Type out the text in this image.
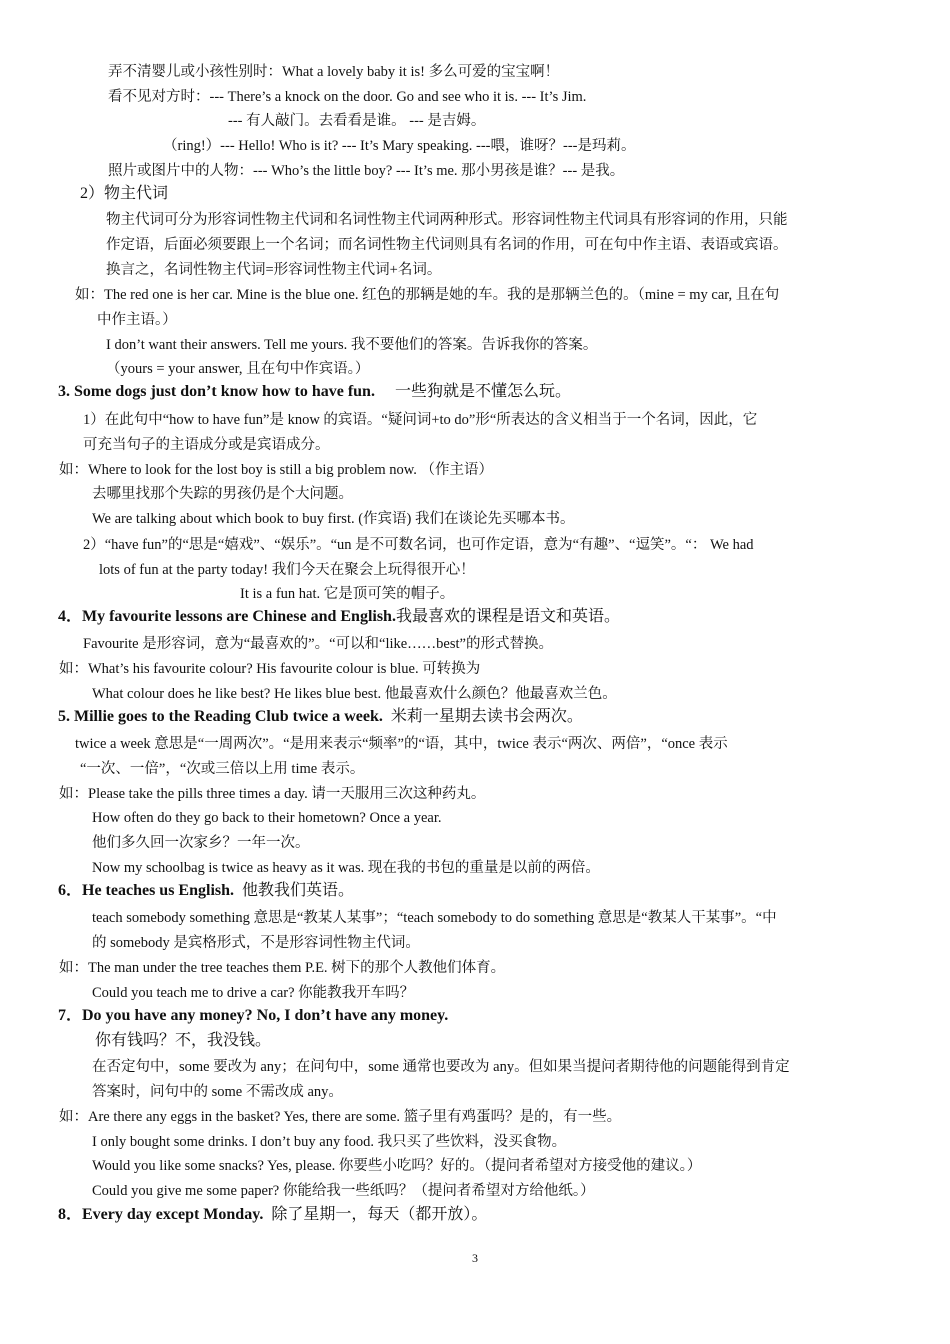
弄不清婴儿或小孩性别时：What a lovely baby it is! 多么可爱的宝宝啊！
看不见对方时：--- There’s a knock on the door. Go and see who it is. --- It’s Jim.
--- 有人敲门。去看看是谁。 --- 是吉姆。
（ring!）--- Hello! Who is it? --- It’s Mary speaking. ---喂，谁呀？---是玛莉。
照片或图片中的人物：--- Who’s the little boy? --- It’s me. 那小男孩是谁？--- 是我。
2）物主代词
物主代词可分为形容词性物主代词和名词性物主代词两种形式。形容词性物主代词具有形容词的作用，只能
作定语，后面必须要跟上一个名词；而名词性物主代词则具有名词的作用，可在句中作主语、表语或宾语。
换言之，名词性物主代词=形容词性物主代词+名词。
如：The red one is her car. Mine is the blue one. 红色的那辆是她的车。我的是那辆兰色的。（mine = my car, 且在句
中作主语。）
I don’t want their answers. Tell me yours. 我不要他们的答案。告诉我你的答案。
（yours = your answer, 且在句中作宾语。）
3. Some dogs just don’t know how to have fun. 一些狗就是不懂怎么玩。
1）在此句中“how to have fun”是 know 的宾语。“疑问词+to do”形“所表达的含义相当于一个名词，因此，它
可充当句子的主语成分或是宾语成分。
如：Where to look for the lost boy is still a big problem now. （作主语）
去哪里找那个失踪的男孩仍是个大问题。
We are talking about which book to buy first. (作宾语) 我们在谈论先买哪本书。
2）“have fun”的“思是“嬉戏”、“娱乐”。“un 是不可数名词，也可作定语，意为“有趣”、“逗笑”。“： We had
lots of fun at the party today! 我们今天在聚会上玩得很开心！
It is a fun hat. 它是顶可笑的帽子。
4．My favourite lessons are Chinese and English.我最喜欢的课程是语文和英语。
Favourite 是形容词，意为“最喜欢的”。“可以和“like……best”的形式替换。
如：What’s his favourite colour? His favourite colour is blue. 可转换为
What colour does he like best? He likes blue best. 他最喜欢什么颜色？他最喜欢兰色。
5. Millie goes to the Reading Club twice a week. 米莉一星期去读书会两次。
twice a week 意思是“一周两次”。“是用来表示“频率”的“语，其中，twice 表示“两次、两倍”，“once 表示
“一次、一倍”，“次或三倍以上用 time 表示。
如：Please take the pills three times a day. 请一天服用三次这种药丸。
How often do they go back to their hometown? Once a year.
他们多久回一次家乡？一年一次。
Now my schoolbag is twice as heavy as it was. 现在我的书包的重量是以前的两倍。
6．He teaches us English. 他教我们英语。
teach somebody something 意思是“教某人某事”；“teach somebody to do something 意思是“教某人干某事”。“中
的 somebody 是宾格形式，不是形容词性物主代词。
如：The man under the tree teaches them P.E. 树下的那个人教他们体育。
Could you teach me to drive a car? 你能教我开车吗？
7．Do you have any money? No, I don’t have any money.
你有钱吗？不，我没钱。
在否定句中，some 要改为 any；在问句中，some 通常也要改为 any。但如果当提问者期待他的问题能得到肯定
答案时，问句中的 some 不需改成 any。
如：Are there any eggs in the basket? Yes, there are some. 篮子里有鸡蛋吗？是的，有一些。
I only bought some drinks. I don’t buy any food. 我只买了些饮料，没买食物。
Would you like some snacks? Yes, please. 你要些小吃吗？好的。（提问者希望对方接受他的建议。）
Could you give me some paper? 你能给我一些纸吗？（提问者希望对方给他纸。）
8．Every day except Monday. 除了星期一，每天（都开放）。
3
